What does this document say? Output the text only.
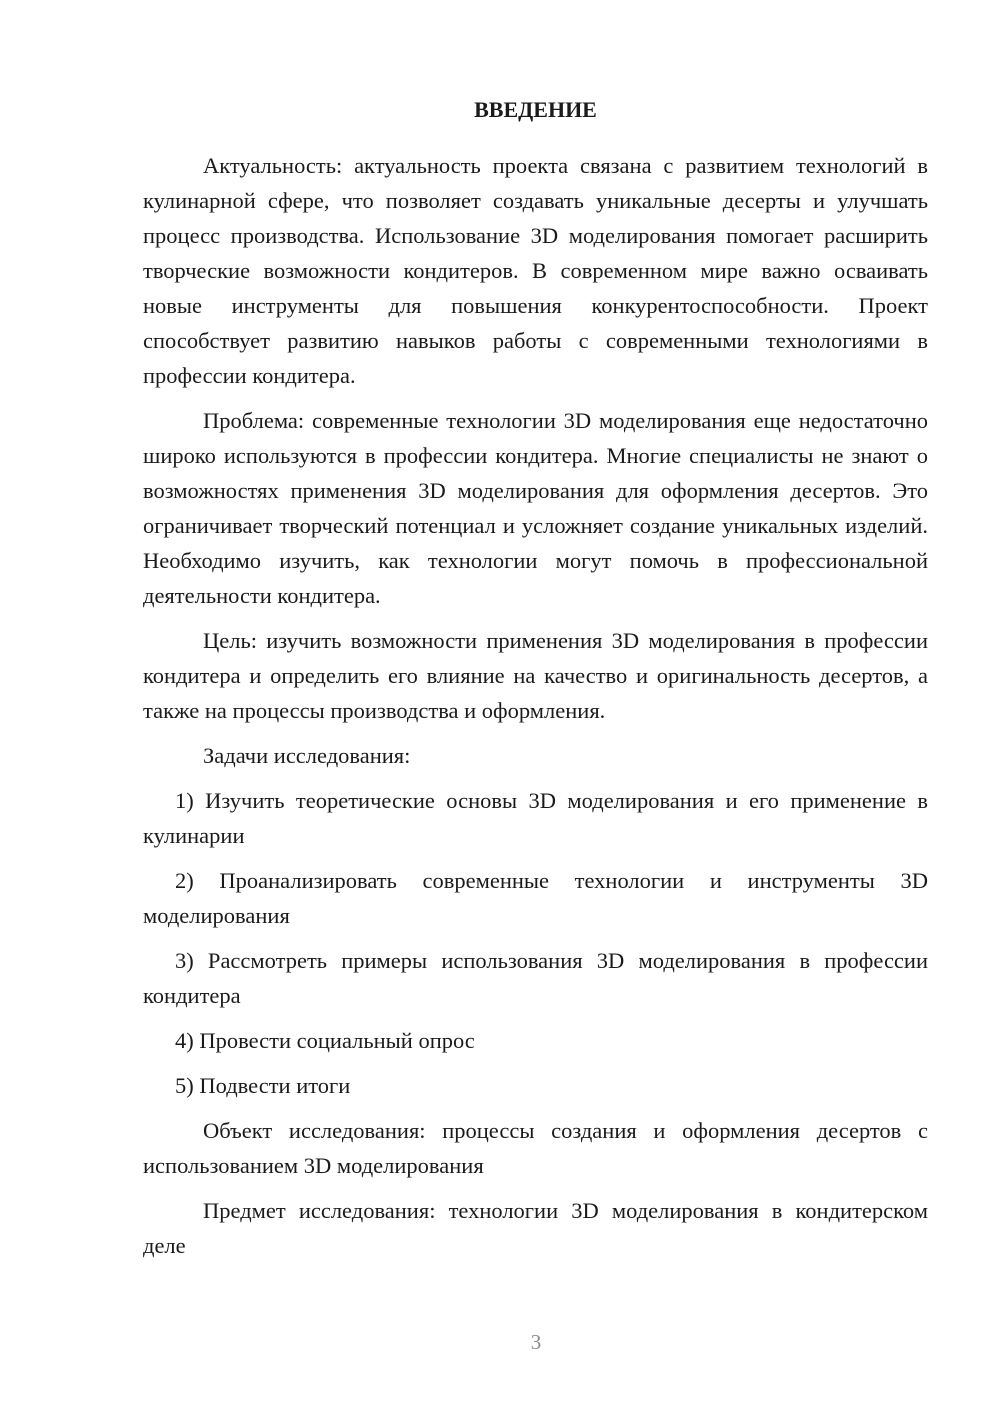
ВВЕДЕНИЕ

Актуальность: актуальность проекта связана с развитием технологий в кулинарной сфере, что позволяет создавать уникальные десерты и улучшать процесс производства. Использование 3D моделирования помогает расширить творческие возможности кондитеров. В современном мире важно осваивать новые инструменты для повышения конкурентоспособности. Проект способствует развитию навыков работы с современными технологиями в профессии кондитера.

Проблема: современные технологии 3D моделирования еще недостаточно широко используются в профессии кондитера. Многие специалисты не знают о возможностях применения 3D моделирования для оформления десертов. Это ограничивает творческий потенциал и усложняет создание уникальных изделий. Необходимо изучить, как технологии могут помочь в профессиональной деятельности кондитера.

Цель: изучить возможности применения 3D моделирования в профессии кондитера и определить его влияние на качество и оригинальность десертов, а также на процессы производства и оформления.

Задачи исследования:

1) Изучить теоретические основы 3D моделирования и его применение в кулинарии

2) Проанализировать современные технологии и инструменты 3D моделирования

3) Рассмотреть примеры использования 3D моделирования в профессии кондитера

4) Провести социальный опрос

5) Подвести итоги

Объект исследования: процессы создания и оформления десертов с использованием 3D моделирования

Предмет исследования: технологии 3D моделирования в кондитерском деле

3
